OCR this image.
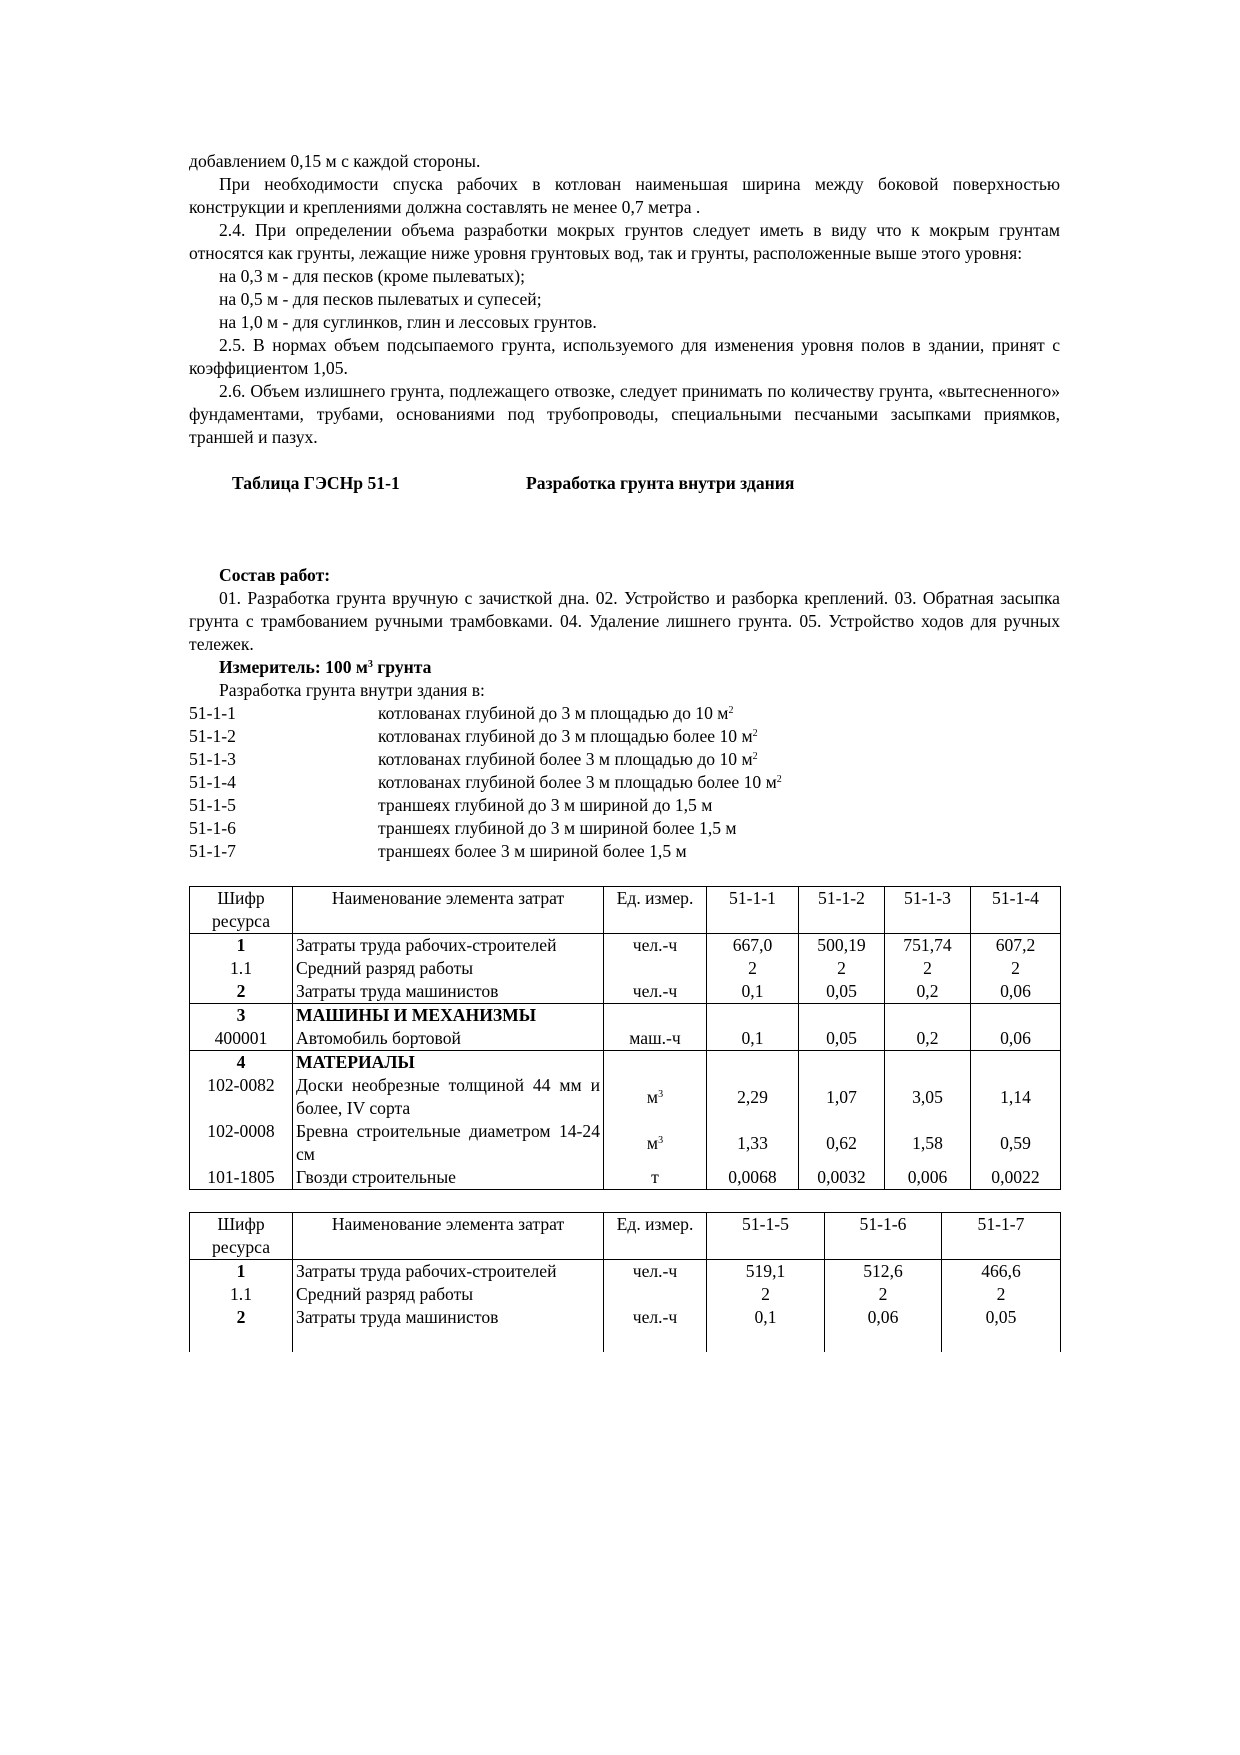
добавлением 0,15 м с каждой стороны.

При необходимости спуска рабочих в котлован наименьшая ширина между боковой поверхностью конструкции и креплениями должна составлять не менее 0,7 метра .

2.4. При определении объема разработки мокрых грунтов следует иметь в виду что к мокрым грунтам относятся как грунты, лежащие ниже уровня грунтовых вод, так и грунты, расположенные выше этого уровня:

на 0,3 м - для песков (кроме пылеватых);

на 0,5 м - для песков пылеватых и супесей;

на 1,0 м - для суглинков, глин и лессовых грунтов.

2.5. В нормах объем подсыпаемого грунта, используемого для изменения уровня полов в здании, принят с коэффициентом 1,05.

2.6. Объем излишнего грунта, подлежащего отвозке, следует принимать по количеству грунта, «вытесненного» фундаментами, трубами, основаниями под трубопроводы, специальными песчаными засыпками приямков, траншей и пазух.

Таблица ГЭСНр 51-1	Разработка грунта внутри здания

Состав работ:

01. Разработка грунта вручную с зачисткой дна. 02. Устройство и разборка креплений. 03. Обратная засыпка грунта с трамбованием ручными трамбовками. 04. Удаление лишнего грунта. 05. Устройство ходов для ручных тележек.

Измеритель: 100 $м^3$ грунта

Разработка грунта внутри здания в:

51-1-1	котлованах глубиной до 3 м площадью до 10 $м^2$
51-1-2	котлованах глубиной до 3 м площадью более 10 $м^2$
51-1-3	котлованах глубиной более 3 м площадью до 10 $м^2$
51-1-4	котлованах глубиной более 3 м площадью более 10 $м^2$
51-1-5	траншеях глубиной до 3 м шириной до 1,5 м
51-1-6	траншеях глубиной до 3 м шириной более 1,5 м
51-1-7	траншеях более 3 м шириной более 1,5 м
Шифр ресурса	Наименование элемента затрат	Ед. измер.	51-1-1	51-1-2	51-1-3	51-1-4
1	Затраты труда рабочих-строителей	чел.-ч	667,0	500,19	751,74	607,2
1.1	Средний разряд работы		2	2	2	2
2	Затраты труда машинистов	чел.-ч	0,1	0,05	0,2	0,06
3	МАШИНЫ И МЕХАНИЗМЫ					
400001	Автомобиль бортовой	маш.-ч	0,1	0,05	0,2	0,06
4	МАТЕРИАЛЫ					
102-0082	Доски необрезные толщиной 44 мм и более, IV сорта	$м^3$	2,29	1,07	3,05	1,14
102-0008	Бревна строительные диаметром 14-24 см	$м^3$	1,33	0,62	1,58	0,59
101-1805	Гвозди строительные	т	0,0068	0,0032	0,006	0,0022
Шифр ресурса	Наименование элемента затрат	Ед. измер.	51-1-5	51-1-6	51-1-7
1	Затраты труда рабочих-строителей	чел.-ч	519,1	512,6	466,6
1.1	Средний разряд работы		2	2	2
2	Затраты труда машинистов	чел.-ч	0,1	0,06	0,05
